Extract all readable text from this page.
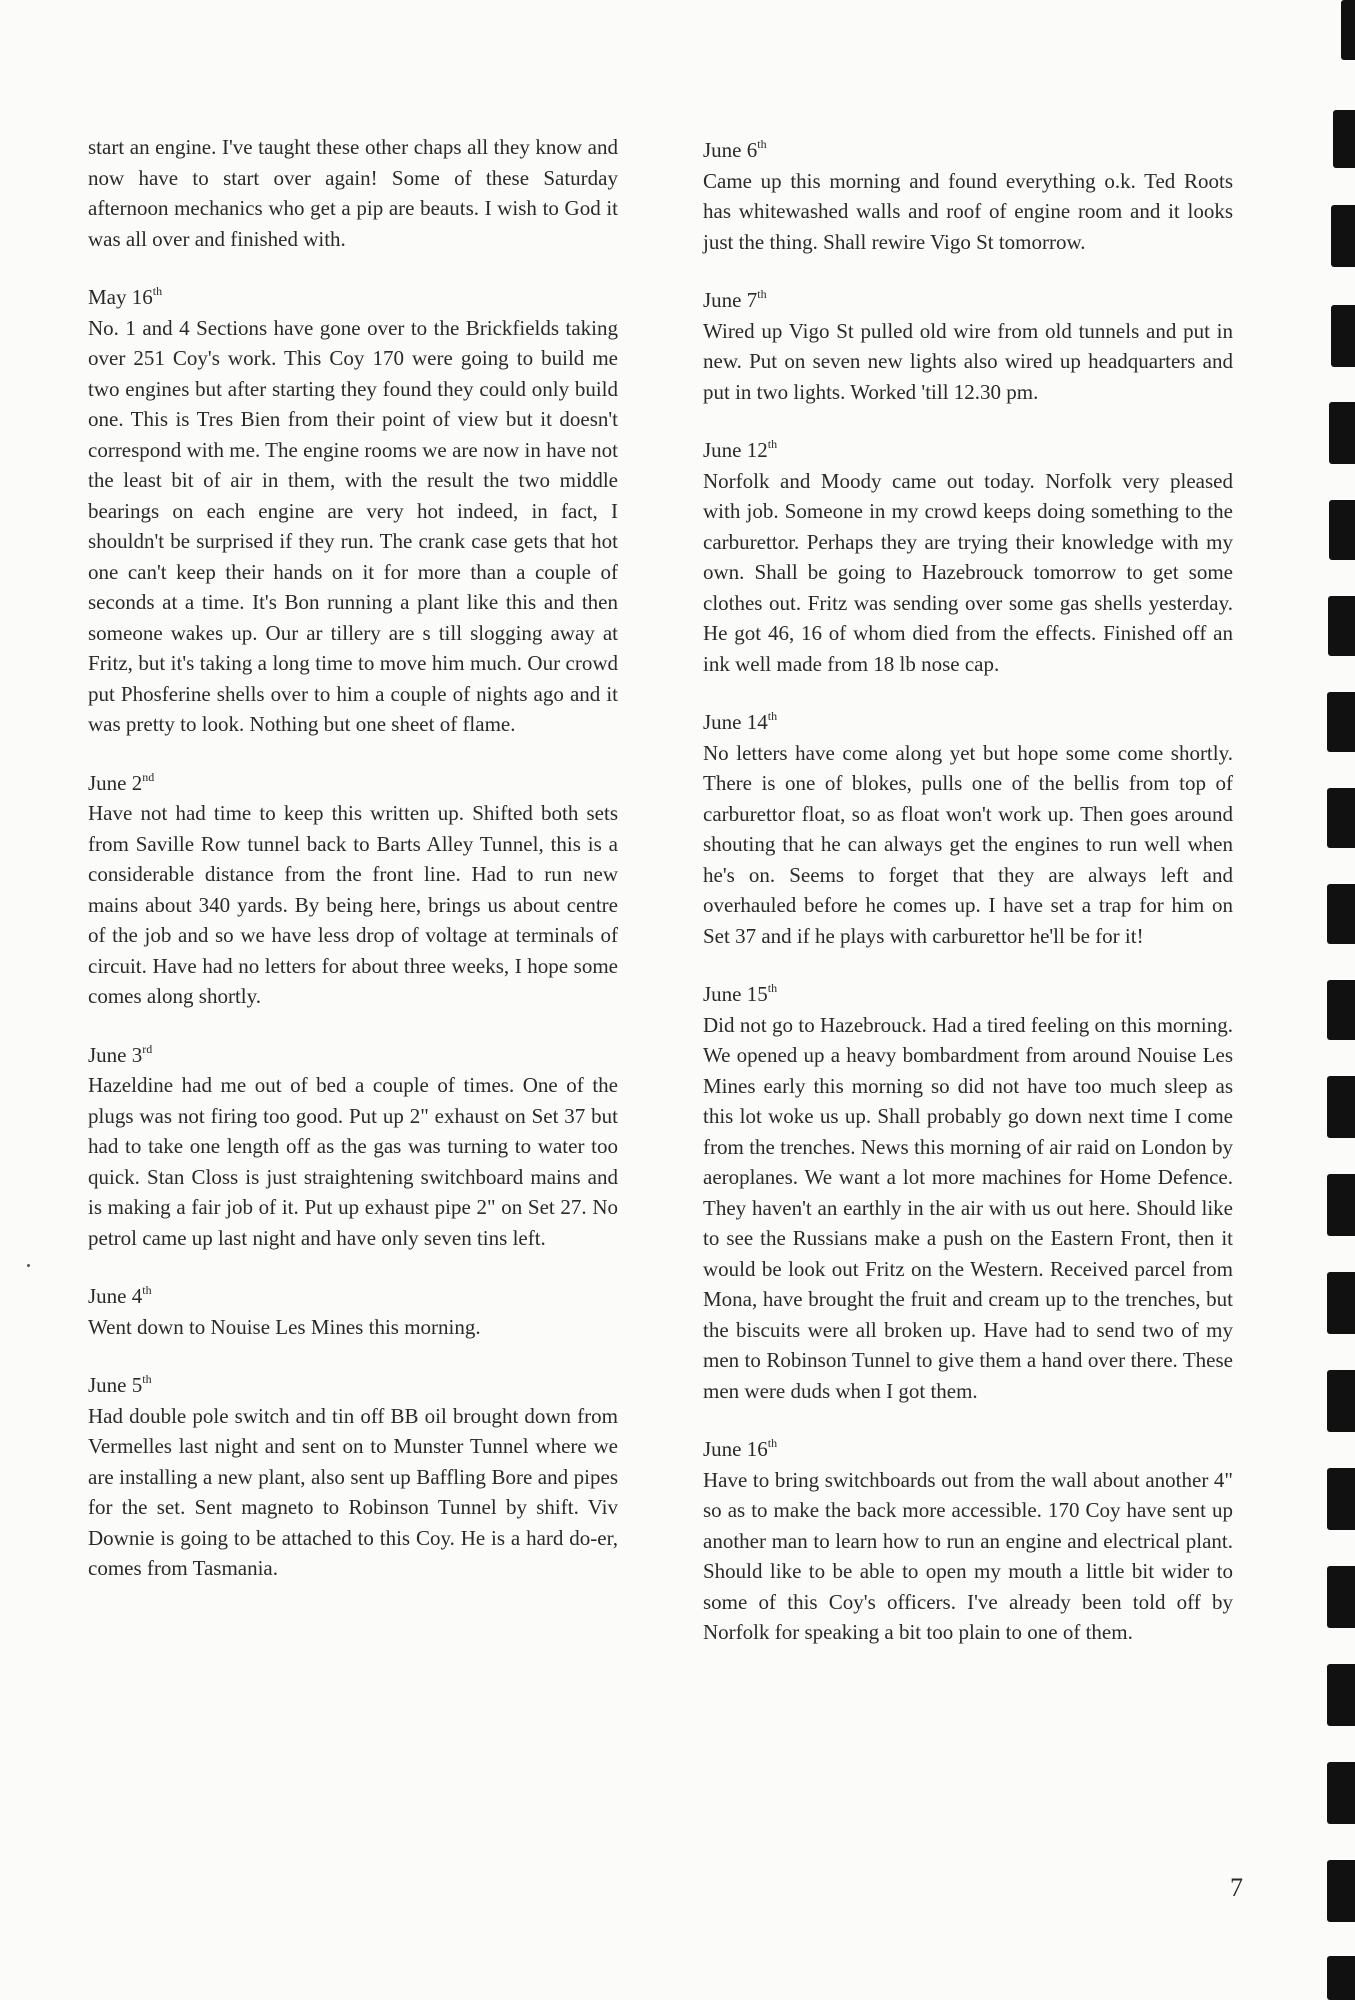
start an engine. I've taught these other chaps all they know and now have to start over again! Some of these Saturday afternoon mechanics who get a pip are beauts. I wish to God it was all over and finished with.

May 16th

No. 1 and 4 Sections have gone over to the Brickfields taking over 251 Coy's work. This Coy 170 were going to build me two engines but after starting they found they could only build one. This is Tres Bien from their point of view but it doesn't correspond with me. The engine rooms we are now in have not the least bit of air in them, with the result the two middle bearings on each engine are very hot indeed, in fact, I shouldn't be surprised if they run. The crank case gets that hot one can't keep their hands on it for more than a couple of seconds at a time. It's Bon running a plant like this and then someone wakes up. Our ar tillery are s till slogging away at Fritz, but it's taking a long time to move him much. Our crowd put Phosferine shells over to him a couple of nights ago and it was pretty to look. Nothing but one sheet of flame.

June 2nd

Have not had time to keep this written up. Shifted both sets from Saville Row tunnel back to Barts Alley Tunnel, this is a considerable distance from the front line. Had to run new mains about 340 yards. By being here, brings us about centre of the job and so we have less drop of voltage at terminals of circuit. Have had no letters for about three weeks, I hope some comes along shortly.

June 3rd

Hazeldine had me out of bed a couple of times. One of the plugs was not firing too good. Put up 2" exhaust on Set 37 but had to take one length off as the gas was turning to water too quick. Stan Closs is just straightening switchboard mains and is making a fair job of it. Put up exhaust pipe 2" on Set 27. No petrol came up last night and have only seven tins left.

June 4th

Went down to Nouise Les Mines this morning.

June 5th

Had double pole switch and tin off BB oil brought down from Vermelles last night and sent on to Munster Tunnel where we are installing a new plant, also sent up Baffling Bore and pipes for the set. Sent magneto to Robinson Tunnel by shift. Viv Downie is going to be attached to this Coy. He is a hard do-er, comes from Tasmania.

June 6th

Came up this morning and found everything o.k. Ted Roots has whitewashed walls and roof of engine room and it looks just the thing. Shall rewire Vigo St tomorrow.

June 7th

Wired up Vigo St pulled old wire from old tunnels and put in new. Put on seven new lights also wired up headquarters and put in two lights. Worked 'till 12.30 pm.

June 12th

Norfolk and Moody came out today. Norfolk very pleased with job. Someone in my crowd keeps doing something to the carburettor. Perhaps they are trying their knowledge with my own. Shall be going to Hazebrouck tomorrow to get some clothes out. Fritz was sending over some gas shells yesterday. He got 46, 16 of whom died from the effects. Finished off an ink well made from 18 lb nose cap.

June 14th

No letters have come along yet but hope some come shortly. There is one of blokes, pulls one of the bellis from top of carburettor float, so as float won't work up. Then goes around shouting that he can always get the engines to run well when he's on. Seems to forget that they are always left and overhauled before he comes up. I have set a trap for him on Set 37 and if he plays with carburettor he'll be for it!

June 15th

Did not go to Hazebrouck. Had a tired feeling on this morning. We opened up a heavy bombardment from around Nouise Les Mines early this morning so did not have too much sleep as this lot woke us up. Shall probably go down next time I come from the trenches. News this morning of air raid on London by aeroplanes. We want a lot more machines for Home Defence. They haven't an earthly in the air with us out here. Should like to see the Russians make a push on the Eastern Front, then it would be look out Fritz on the Western. Received parcel from Mona, have brought the fruit and cream up to the trenches, but the biscuits were all broken up. Have had to send two of my men to Robinson Tunnel to give them a hand over there. These men were duds when I got them.

June 16th

Have to bring switchboards out from the wall about another 4" so as to make the back more accessible. 170 Coy have sent up another man to learn how to run an engine and electrical plant. Should like to be able to open my mouth a little bit wider to some of this Coy's officers. I've already been told off by Norfolk for speaking a bit too plain to one of them.

7
